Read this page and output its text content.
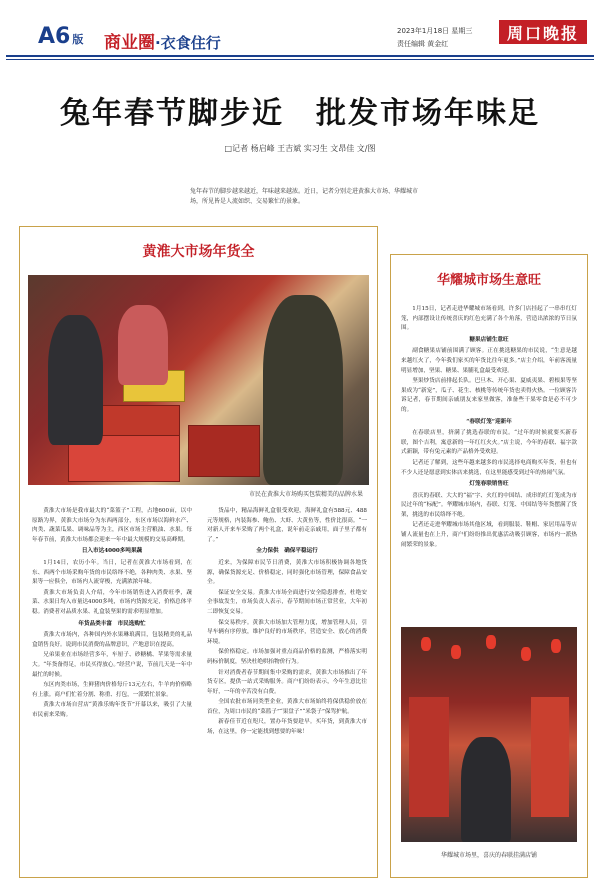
A6 版 商业圈·衣食住行
2023年1月18日 星期三
责任编辑 黄金红
周口晚报
兔年春节脚步近　批发市场年味足
□记者 杨启峰 王吉斌 实习生 文昂佳 文/图
兔年春节的脚步越来越近，年味越来越浓。近日，记者分别走进黄淮大市场、华耀城市场，所见皆是人流如织、交易繁忙的景象。
黄淮大市场年货全
市民在黄淮大市场购买包装精美的品牌水果

黄淮大市场是我市最大的“菜篮子”工程，占地600亩，以中原路为界，黄淮大市场分为东西两部分，东区市场以海鲜水产、肉类、蔬菜瓜果、调味品等为主，西区市场主营粮油、水果。每年春节前，黄淮大市场都会迎来一年中最大规模的交易高峰期。

日入市达4000多吨果蔬

1月14日，农历小年。当日，记者在黄淮大市场看到，在东、西两个市场采购年货的市民络绎不绝，各种肉类、水果、坚果等一应俱全，市场内人流穿梭，充满浓浓年味。

黄淮大市场负责人介绍，今年市场销售进入消费旺季，蔬菜、水果日均入市量达4000多吨，市场内货源充足，价格总体平稳。消费者对品质水果、礼盒装坚果的需求明显增加。

年货品类丰富　市民选购忙

黄淮大市场内，各种国内外水果琳琅满目，包装精美的礼品盒销售良好。说到市民消费的品牌意识，产地意识在提高。

兄弟果业在市场经营多年，车厘子、砂糖橘、苹果等需求量大。“年货备得足，市民买得放心。”经营户说，节前几天是一年中最忙的时候。

东区肉类市场，生鲜猪肉价格每斤13元左右，牛羊肉价格略有上涨。商户们忙着分割、称重、打包，一派繁忙景象。

黄淮大市场自营店“黄淮乐购年货节”开幕以来，吸引了大量市民前来采购。

货品中，精品海鲜礼盒很受欢迎，海鲜礼盒有588元、488元等规格，内装海参、鲍鱼、大虾、大黄鱼等，性价比很高。“一对新人开来车采购了两个礼盒，说年前走亲戚用，面子里子都有了。”

全力保供　确保平稳运行

近来，为保障市民节日消费，黄淮大市场积极协调各地货源，确保货源充足、价格稳定，同时强化市场管理，保障食品安全。

保证安全交易。黄淮大市场全面进行安全隐患排查，杜绝安全事故发生，市场负责人表示，春节期间市场正常营业，大年初二即恢复交易。

保交易秩序。黄淮大市场加大管理力度，增加管理人员，引导车辆有序停放，维护良好的市场秩序，营造安全、放心的消费环境。

保价格稳定。市场加强对重点商品价格的监测，严格落实明码标价制度，坚决杜绝哄抬物价行为。

针对消费者春节期间集中采购的需求，黄淮大市场推出了年货专区，提供一站式采购服务。商户们纷纷表示，今年生意比往年好，一年的辛苦没有白费。

全国农批市场同类型企业，黄淮大市场始终将保供稳价放在首位，为周口市民的“菜篮子”“果盘子”“米袋子”保驾护航。

新春佳节近在咫尺，置办年货要趁早。买年货，到黄淮大市场，在这里，你一定能找到想要的年味！

华耀城市场生意旺

1月15日，记者走进华耀城市场看到，许多门店挂起了一串串红灯笼，内部摆设让传统喜庆的红色充满了各个角落，营造出浓浓的节日氛围。

糖果店铺生意旺

副食糖果店铺前围满了顾客。正在挑选糖果的市民说，“生意是越来越红火了，今年我们家买的年货比往年更多。”店主介绍，年前客流量明显增加，坚果、糖果、果脯礼盒最受欢迎。

坚果炒货店前排起长队。巴旦木、开心果、夏威夷果、碧根果等坚果成为“新宠”，瓜子、花生、核桃等传统年货也卖得火热。一位顾客告诉记者，春节期间亲戚朋友来家里做客，准备些干果零食是必不可少的。

“春联灯笼”迎新年

在春联店里，挤满了挑选春联的市民。“过年的时候就要买新春联，图个吉利，寓意新的一年红红火火。”店主说，今年的春联、福字款式新颖，带有兔元素的产品格外受欢迎。

记者还了解到，这些年越来越多的市民选择电商购买年货，但也有不少人还是愿意到实体店来挑选，在这里能感受到过年的热闹气氛。

灯笼春联销售旺

喜庆的春联、大大的“福”字、火红的中国结、成串的红灯笼成为市民过年的“标配”。华耀城市场内，春联、灯笼、中国结等年货摆满了货架，挑选的市民络绎不绝。

记者还走进华耀城市场其他区域，看到服装、鞋帽、家居用品等店铺人流量也在上升，商户们纷纷推出优惠活动吸引顾客，市场内一派热闹繁荣的景象。

华耀城市场里，喜庆的春联挂满店铺
